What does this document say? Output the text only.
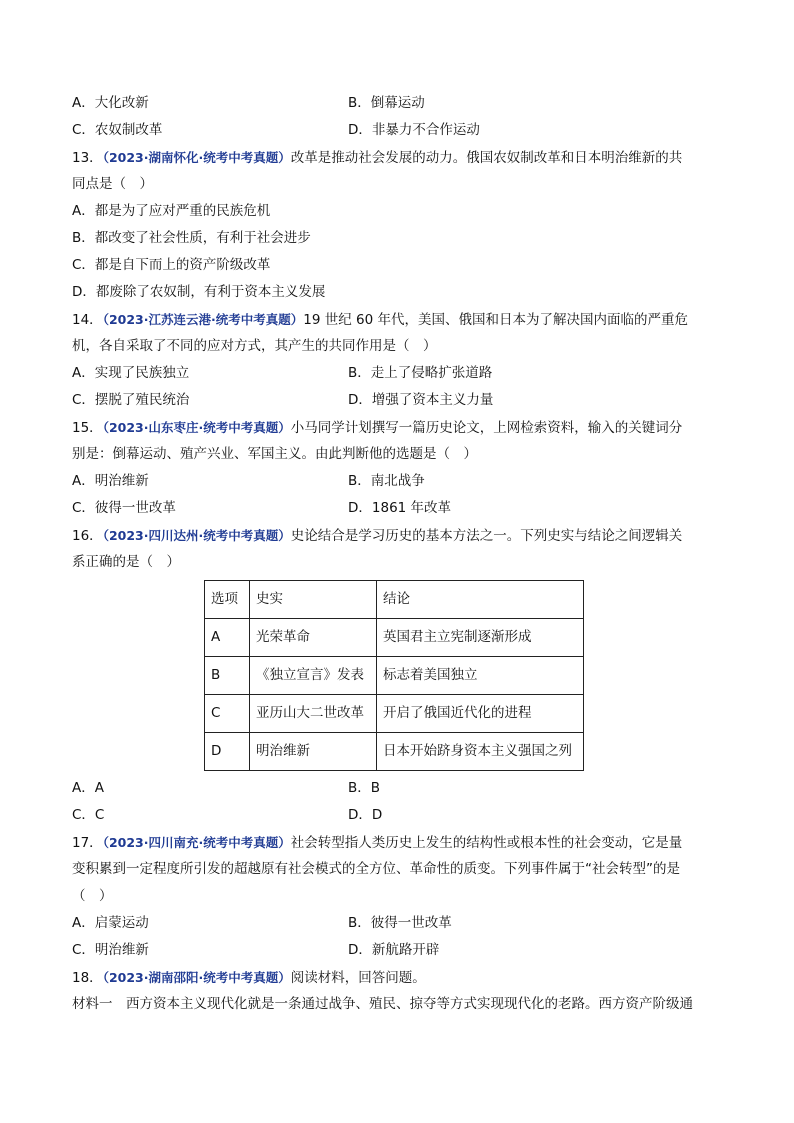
A．大化改新	B．倒幕运动
C．农奴制改革	D．非暴力不合作运动
13．（2023·湖南怀化·统考中考真题）改革是推动社会发展的动力。俄国农奴制改革和日本明治维新的共
同点是（　）
A．都是为了应对严重的民族危机
B．都改变了社会性质，有利于社会进步
C．都是自下而上的资产阶级改革
D．都废除了农奴制，有利于资本主义发展
14．（2023·江苏连云港·统考中考真题）19 世纪 60 年代，美国、俄国和日本为了解决国内面临的严重危
机，各自采取了不同的应对方式，其产生的共同作用是（　）
A．实现了民族独立	B．走上了侵略扩张道路
C．摆脱了殖民统治	D．增强了资本主义力量
15．（2023·山东枣庄·统考中考真题）小马同学计划撰写一篇历史论文，上网检索资料，输入的关键词分
别是：倒幕运动、殖产兴业、军国主义。由此判断他的选题是（　）
A．明治维新	B．南北战争
C．彼得一世改革	D．1861 年改革
16．（2023·四川达州·统考中考真题）史论结合是学习历史的基本方法之一。下列史实与结论之间逻辑关
系正确的是（　）
选项	史实	结论
A	光荣革命	英国君主立宪制逐渐形成
B	《独立宣言》发表	标志着美国独立
C	亚历山大二世改革	开启了俄国近代化的进程
D	明治维新	日本开始跻身资本主义强国之列
A．A	B．B
C．C	D．D
17．（2023·四川南充·统考中考真题）社会转型指人类历史上发生的结构性或根本性的社会变动，它是量
变积累到一定程度所引发的超越原有社会模式的全方位、革命性的质变。下列事件属于“社会转型”的是
（　）
A．启蒙运动	B．彼得一世改革
C．明治维新	D．新航路开辟
18．（2023·湖南邵阳·统考中考真题）阅读材料，回答问题。
材料一　西方资本主义现代化就是一条通过战争、殖民、掠夺等方式实现现代化的老路。西方资产阶级通
